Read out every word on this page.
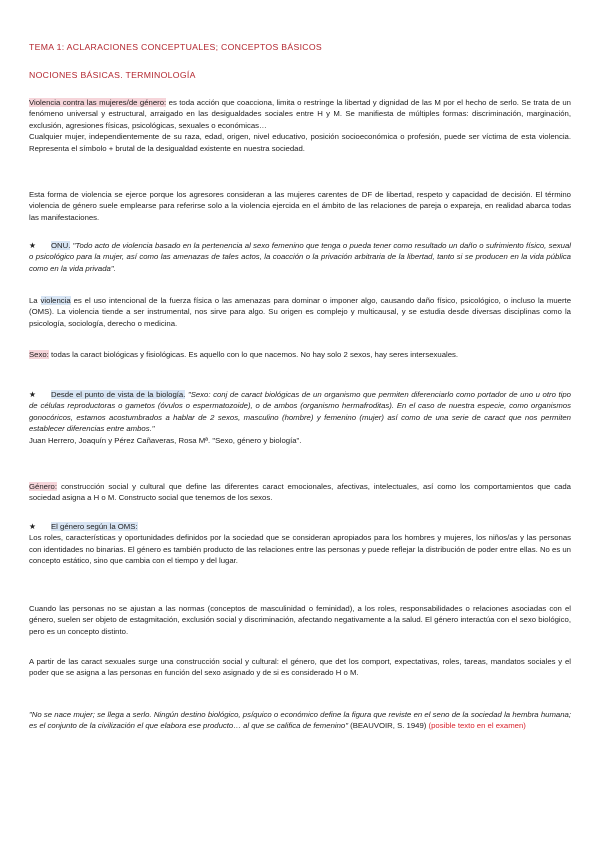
TEMA 1: ACLARACIONES CONCEPTUALES; CONCEPTOS BÁSICOS
NOCIONES BÁSICAS. TERMINOLOGÍA

Violencia contra las mujeres/de género: es toda acción que coacciona, limita o restringe la libertad y dignidad de las M por el hecho de serlo. Se trata de un fenómeno universal y estructural, arraigado en las desigualdades sociales entre H y M. Se manifiesta de múltiples formas: discriminación, marginación, exclusión, agresiones físicas, psicológicas, sexuales o económicas…
Cualquier mujer, independientemente de su raza, edad, origen, nivel educativo, posición socioeconómica o profesión, puede ser víctima de esta violencia. Representa el símbolo + brutal de la desigualdad existente en nuestra sociedad.

Esta forma de violencia se ejerce porque los agresores consideran a las mujeres carentes de DF de libertad, respeto y capacidad de decisión. El término violencia de género suele emplearse para referirse solo a la violencia ejercida en el ámbito de las relaciones de pareja o expareja, en realidad abarca todas las manifestaciones.

★ ONU. "Todo acto de violencia basado en la pertenencia al sexo femenino que tenga o pueda tener como resultado un daño o sufrimiento físico, sexual o psicológico para la mujer, así como las amenazas de tales actos, la coacción o la privación arbitraria de la libertad, tanto si se producen en la vida pública como en la vida privada".

La violencia es el uso intencional de la fuerza física o las amenazas para dominar o imponer algo, causando daño físico, psicológico, o incluso la muerte (OMS). La violencia tiende a ser instrumental, nos sirve para algo. Su origen es complejo y multicausal, y se estudia desde diversas disciplinas como la psicología, sociología, derecho o medicina.

Sexo: todas la caract biológicas y fisiológicas. Es aquello con lo que nacemos. No hay solo 2 sexos, hay seres intersexuales.

★ Desde el punto de vista de la biología. "Sexo: conj de caract biológicas de un organismo que permiten diferenciarlo como portador de uno u otro tipo de células reproductoras o gametos (óvulos o espermatozoide), o de ambos (organismo hermafroditas). En el caso de nuestra especie, como organismos gonocóricos, estamos acostumbrados a hablar de 2 sexos, masculino (hombre) y femenino (mujer) así como de una serie de caract que nos permiten establecer diferencias entre ambos."
Juan Herrero, Joaquín y Pérez Cañaveras, Rosa Mª. "Sexo, género y biología".

Género: construcción social y cultural que define las diferentes caract emocionales, afectivas, intelectuales, así como los comportamientos que cada sociedad asigna a H o M. Constructo social que tenemos de los sexos.

★ El género según la OMS:
Los roles, características y oportunidades definidos por la sociedad que se consideran apropiados para los hombres y mujeres, los niños/as y las personas con identidades no binarias. El género es también producto de las relaciones entre las personas y puede reflejar la distribución de poder entre ellas. No es un concepto estático, sino que cambia con el tiempo y del lugar.

Cuando las personas no se ajustan a las normas (conceptos de masculinidad o feminidad), a los roles, responsabilidades o relaciones asociadas con el género, suelen ser objeto de estagmitación, exclusión social y discriminación, afectando negativamente a la salud. El género interactúa con el sexo biológico, pero es un concepto distinto.

A partir de las caract sexuales surge una construcción social y cultural: el género, que det los comport, expectativas, roles, tareas, mandatos sociales y el poder que se asigna a las personas en función del sexo asignado y de si es considerado H o M.

"No se nace mujer; se llega a serlo. Ningún destino biológico, psíquico o económico define la figura que reviste en el seno de la sociedad la hembra humana; es el conjunto de la civilización el que elabora ese producto… al que se califica de femenino" (BEAUVOIR, S. 1949) (posible texto en el examen)
